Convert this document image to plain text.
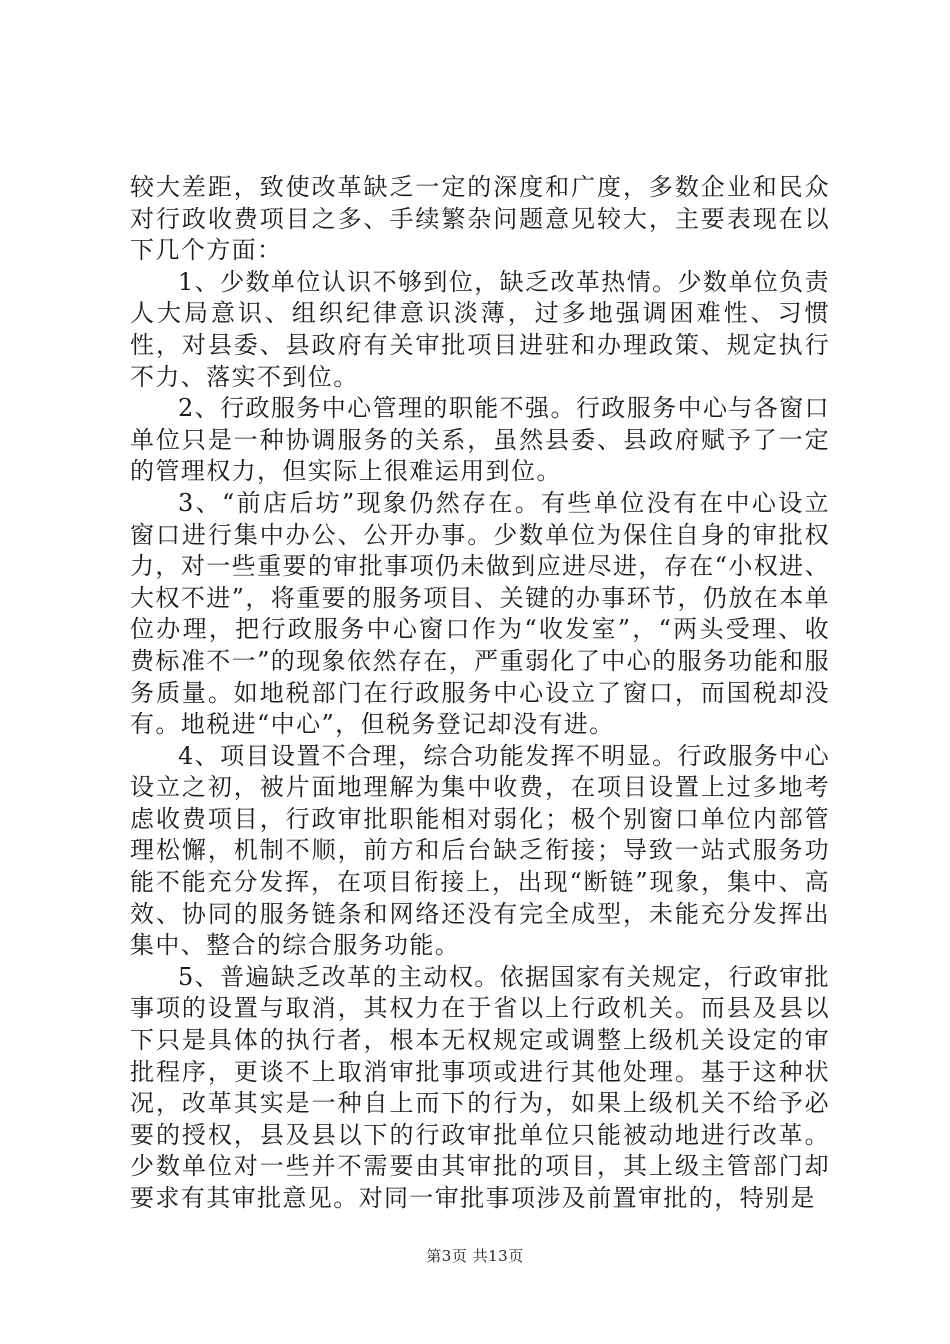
较大差距，致使改革缺乏一定的深度和广度，多数企业和民众对行政收费项目之多、手续繁杂问题意见较大，主要表现在以下几个方面：

1、少数单位认识不够到位，缺乏改革热情。少数单位负责人大局意识、组织纪律意识淡薄，过多地强调困难性、习惯性，对县委、县政府有关审批项目进驻和办理政策、规定执行不力、落实不到位。

2、行政服务中心管理的职能不强。行政服务中心与各窗口单位只是一种协调服务的关系，虽然县委、县政府赋予了一定的管理权力，但实际上很难运用到位。

3、“前店后坊”现象仍然存在。有些单位没有在中心设立窗口进行集中办公、公开办事。少数单位为保住自身的审批权力，对一些重要的审批事项仍未做到应进尽进，存在“小权进、大权不进”，将重要的服务项目、关键的办事环节，仍放在本单位办理，把行政服务中心窗口作为“收发室”，“两头受理、收费标准不一”的现象依然存在，严重弱化了中心的服务功能和服务质量。如地税部门在行政服务中心设立了窗口，而国税却没有。地税进“中心”，但税务登记却没有进。

4、项目设置不合理，综合功能发挥不明显。行政服务中心设立之初，被片面地理解为集中收费，在项目设置上过多地考虑收费项目，行政审批职能相对弱化；极个别窗口单位内部管理松懈，机制不顺，前方和后台缺乏衔接；导致一站式服务功能不能充分发挥，在项目衔接上，出现“断链”现象，集中、高效、协同的服务链条和网络还没有完全成型，未能充分发挥出集中、整合的综合服务功能。

5、普遍缺乏改革的主动权。依据国家有关规定，行政审批事项的设置与取消，其权力在于省以上行政机关。而县及县以下只是具体的执行者，根本无权规定或调整上级机关设定的审批程序，更谈不上取消审批事项或进行其他处理。基于这种状况，改革其实是一种自上而下的行为，如果上级机关不给予必要的授权，县及县以下的行政审批单位只能被动地进行改革。少数单位对一些并不需要由其审批的项目，其上级主管部门却要求有其审批意见。对同一审批事项涉及前置审批的，特别是

第3页 共13页
